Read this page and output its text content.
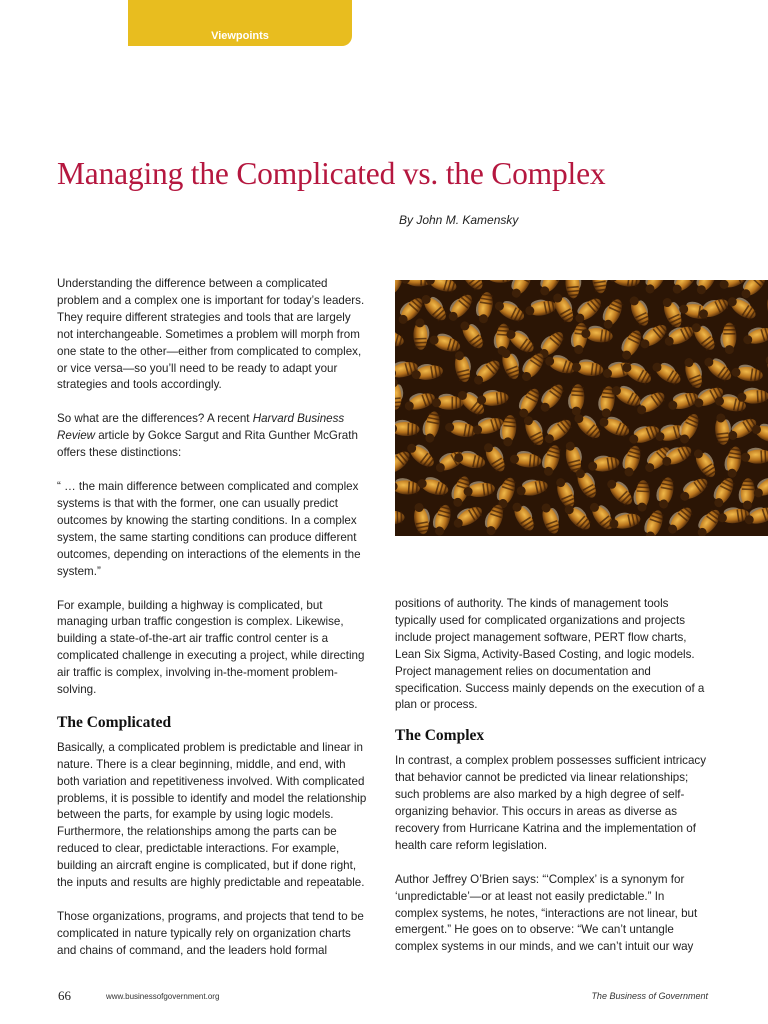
Viewpoints
Managing the Complicated vs. the Complex

By John M. Kamensky

Understanding the difference between a complicated problem and a complex one is important for today’s leaders. They require different strategies and tools that are largely not interchangeable. Sometimes a problem will morph from one state to the other—either from complicated to complex, or vice versa—so you’ll need to be ready to adapt your strategies and tools accordingly.

So what are the differences? A recent Harvard Business Review article by Gokce Sargut and Rita Gunther McGrath offers these distinctions:

“ … the main difference between complicated and complex systems is that with the former, one can usually predict outcomes by knowing the starting conditions. In a complex system, the same starting conditions can produce different outcomes, depending on interactions of the elements in the system.”

For example, building a highway is complicated, but managing urban traffic congestion is complex. Likewise, building a state-of-the-art air traffic control center is a complicated challenge in executing a project, while directing air traffic is complex, involving in-the-moment problem-solving.

The Complicated

Basically, a complicated problem is predictable and linear in nature. There is a clear beginning, middle, and end, with both variation and repetitiveness involved. With complicated problems, it is possible to identify and model the relationship between the parts, for example by using logic models. Furthermore, the relationships among the parts can be reduced to clear, predictable interactions. For example, building an aircraft engine is complicated, but if done right, the inputs and results are highly predictable and repeatable.

Those organizations, programs, and projects that tend to be complicated in nature typically rely on organization charts and chains of command, and the leaders hold formal

positions of authority. The kinds of management tools typically used for complicated organizations and projects include project management software, PERT flow charts, Lean Six Sigma, Activity-Based Costing, and logic models. Project management relies on documentation and specification. Success mainly depends on the execution of a plan or process.

The Complex

In contrast, a complex problem possesses sufficient intricacy that behavior cannot be predicted via linear relationships; such problems are also marked by a high degree of self-organizing behavior. This occurs in areas as diverse as recovery from Hurricane Katrina and the implementation of health care reform legislation.

Author Jeffrey O’Brien says: “‘Complex’ is a synonym for ‘unpredictable’—or at least not easily predictable.” In complex systems, he notes, “interactions are not linear, but emergent.” He goes on to observe: “We can’t untangle complex systems in our minds, and we can’t intuit our way

66	www.businessofgovernment.org	The Business of Government
